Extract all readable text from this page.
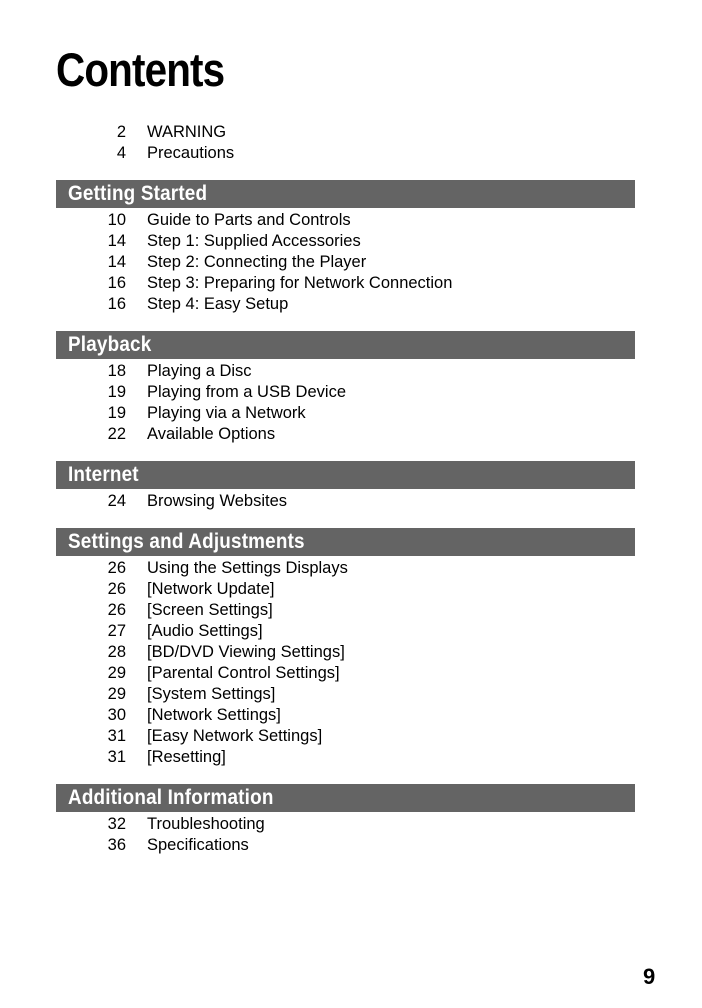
Contents
2 WARNING
4 Precautions
Getting Started
10 Guide to Parts and Controls
14 Step 1: Supplied Accessories
14 Step 2: Connecting the Player
16 Step 3: Preparing for Network Connection
16 Step 4: Easy Setup
Playback
18 Playing a Disc
19 Playing from a USB Device
19 Playing via a Network
22 Available Options
Internet
24 Browsing Websites
Settings and Adjustments
26 Using the Settings Displays
26 [Network Update]
26 [Screen Settings]
27 [Audio Settings]
28 [BD/DVD Viewing Settings]
29 [Parental Control Settings]
29 [System Settings]
30 [Network Settings]
31 [Easy Network Settings]
31 [Resetting]
Additional Information
32 Troubleshooting
36 Specifications
9
